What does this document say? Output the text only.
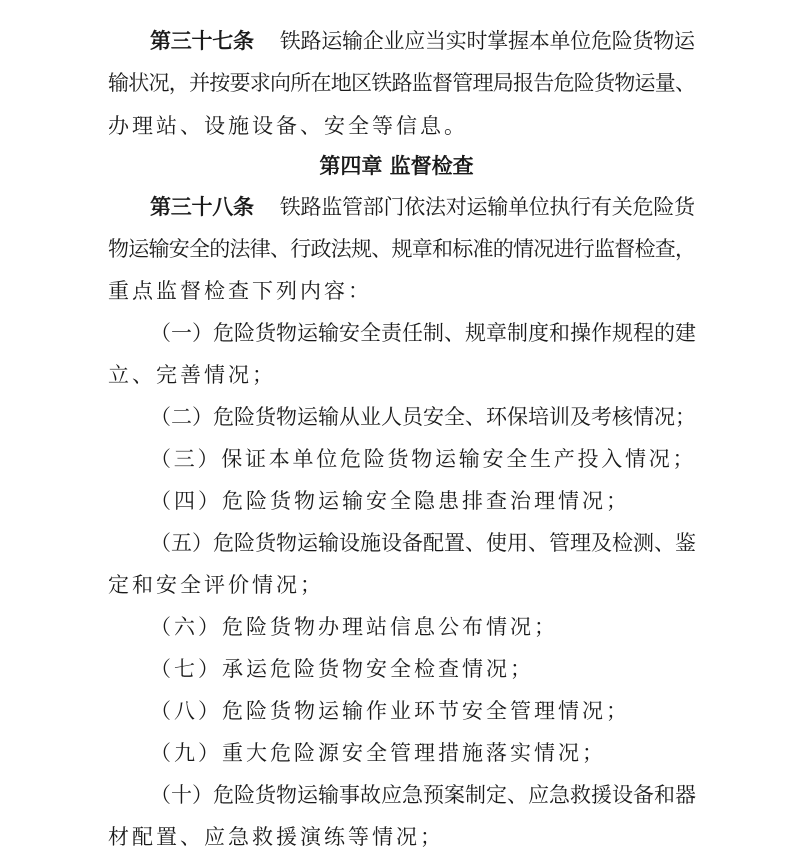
第三十七条 铁路运输企业应当实时掌握本单位危险货物运
输状况，并按要求向所在地区铁路监督管理局报告危险货物运量、
办理站、设施设备、安全等信息。
第四章 监督检查
第三十八条 铁路监管部门依法对运输单位执行有关危险货
物运输安全的法律、行政法规、规章和标准的情况进行监督检查，
重点监督检查下列内容：
（一）危险货物运输安全责任制、规章制度和操作规程的建
立、完善情况；
（二）危险货物运输从业人员安全、环保培训及考核情况；
（三）保证本单位危险货物运输安全生产投入情况；
（四）危险货物运输安全隐患排查治理情况；
（五）危险货物运输设施设备配置、使用、管理及检测、鉴
定和安全评价情况；
（六）危险货物办理站信息公布情况；
（七）承运危险货物安全检查情况；
（八）危险货物运输作业环节安全管理情况；
（九）重大危险源安全管理措施落实情况；
（十）危险货物运输事故应急预案制定、应急救援设备和器
材配置、应急救援演练等情况；
